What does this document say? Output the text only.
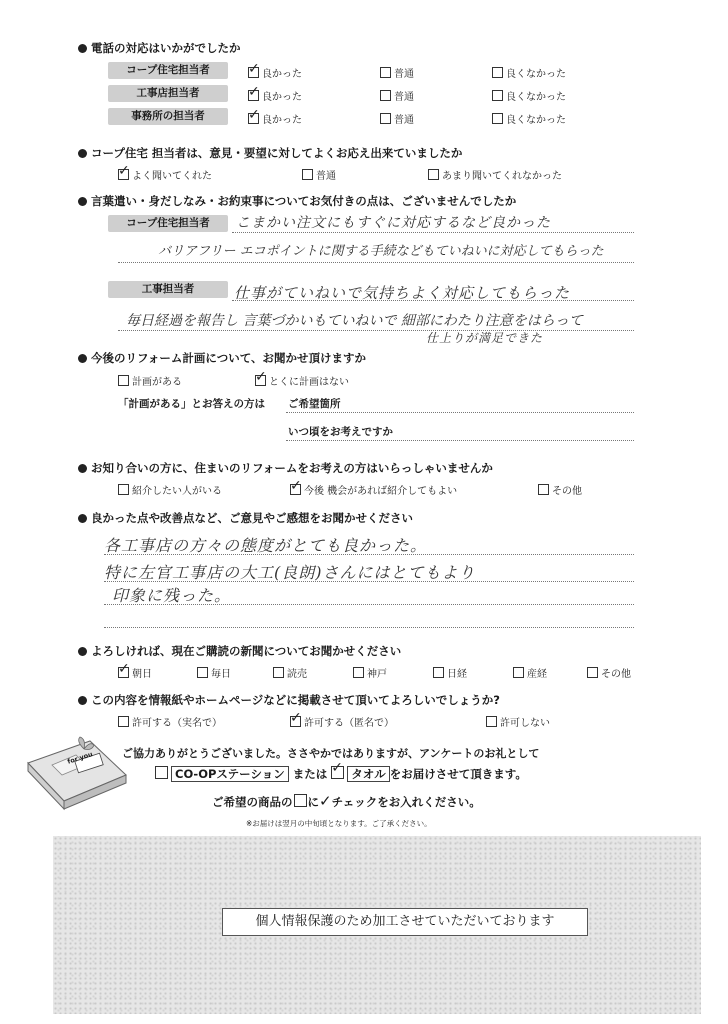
電話の対応はいかがでしたか
コープ住宅担当者 ✓	良かった	普通	良くなかった
工事店担当者 ✓	良かった	普通	良くなかった
事務所の担当者 ✓	良かった	普通	良くなかった
コープ住宅 担当者は、意見・要望に対してよくお応え出来ていましたか
✓よく聞いてくれた	普通	あまり聞いてくれなかった
言葉遣い・身だしなみ・お約束事についてお気付きの点は、ございませんでしたか
コープ住宅担当者	こまかい注文にもすぐに対応するなど良かった
バリアフリー エコポイントに関する手続などもていねいに対応してもらった
工事担当者	仕事がていねいで気持ちよく対応してもらった
毎日経過を報告し 言葉づかいもていねいで 細部にわたり注意をはらって
仕上りが満足できた
今後のリフォーム計画について、お聞かせ頂けますか
計画がある ✓	とくに計画はない
「計画がある」とお答えの方は ご希望箇所
いつ頃をお考えですか
お知り合いの方に、住まいのリフォームをお考えの方はいらっしゃいませんか
紹介したい人がいる ✓	今後 機会があれば紹介してもよい	その他
良かった点や改善点など、ご意見やご感想をお聞かせください
各工事店の方々の態度がとても良かった。
特に左官工事店の大工(良朗)さんにはとてもより
印象に残った。
よろしければ、現在ご購読の新聞についてお聞かせください
✓朝日	毎日	読売	神戸	日経	産経	その他
この内容を情報紙やホームページなどに掲載させて頂いてよろしいでしょうか?
許可する（実名で） ✓	許可する（匿名で）	許可しない
for you	ご協力ありがとうございました。ささやかではありますが、アンケートのお礼として
CO-OPステーション または ✓ タオル をお届けさせて頂きます。
ご希望の商品の に✓チェックをお入れください。
※お届けは翌月の中旬頃となります。ご了承ください。
個人情報保護のため加工させていただいております
